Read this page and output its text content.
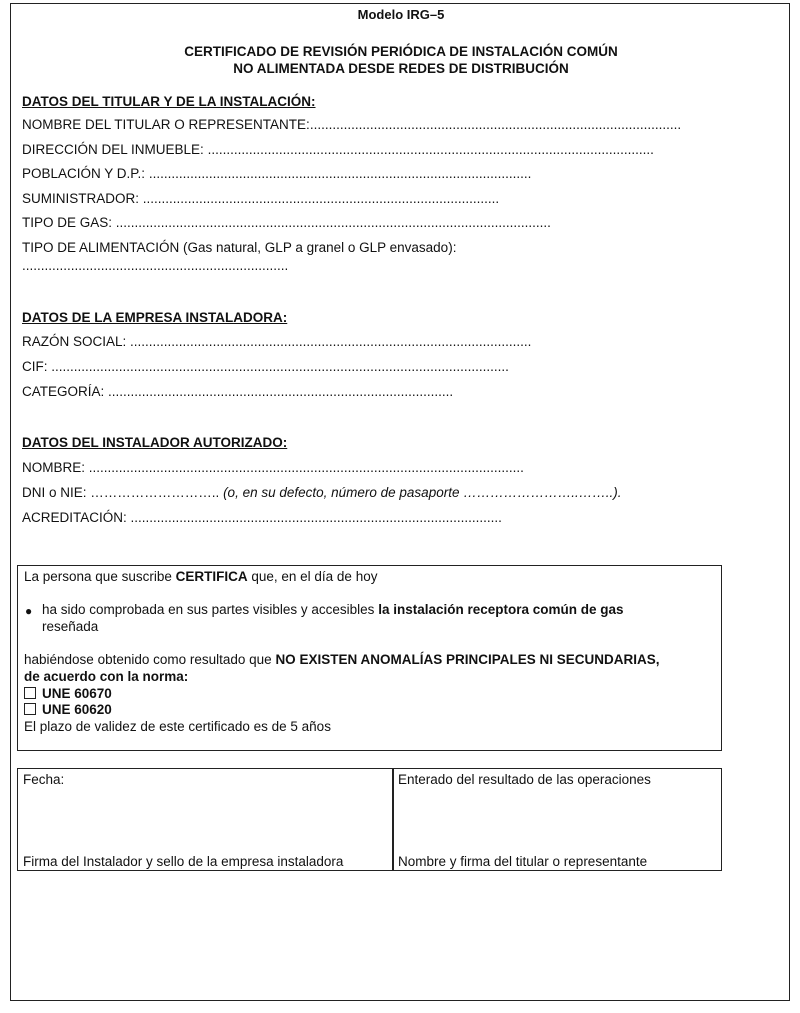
Modelo IRG–5
CERTIFICADO DE REVISIÓN PERIÓDICA DE INSTALACIÓN COMÚN
NO ALIMENTADA DESDE REDES DE DISTRIBUCIÓN
DATOS DEL TITULAR Y DE LA INSTALACIÓN:
NOMBRE DEL TITULAR O REPRESENTANTE:...................................................................................................
DIRECCIÓN DEL INMUEBLE: .......................................................................................................................
POBLACIÓN Y D.P.: ......................................................................................................
SUMINISTRADOR: ...............................................................................................
TIPO DE GAS: ....................................................................................................................
TIPO DE ALIMENTACIÓN (Gas natural, GLP a granel o GLP envasado):
.......................................................................
DATOS DE LA EMPRESA INSTALADORA:
RAZÓN SOCIAL: ...........................................................................................................
CIF: ..........................................................................................................................
CATEGORÍA: ............................................................................................
DATOS DEL INSTALADOR AUTORIZADO:
NOMBRE: ....................................................................................................................
DNI o NIE: ……………………….. (o, en su defecto, número de pasaporte ……………………..……..).
ACREDITACIÓN: ...................................................................................................
La persona que suscribe CERTIFICA que, en el día de hoy
● ha sido comprobada en sus partes visibles y accesibles la instalación receptora común de gas
reseñada
habiéndose obtenido como resultado que NO EXISTEN ANOMALÍAS PRINCIPALES NI SECUNDARIAS,
de acuerdo con la norma:
UNE 60670
UNE 60620
El plazo de validez de este certificado es de 5 años
Fecha:	Enterado del resultado de las operaciones
Firma del Instalador y sello de la empresa instaladora	Nombre y firma del titular o representante
